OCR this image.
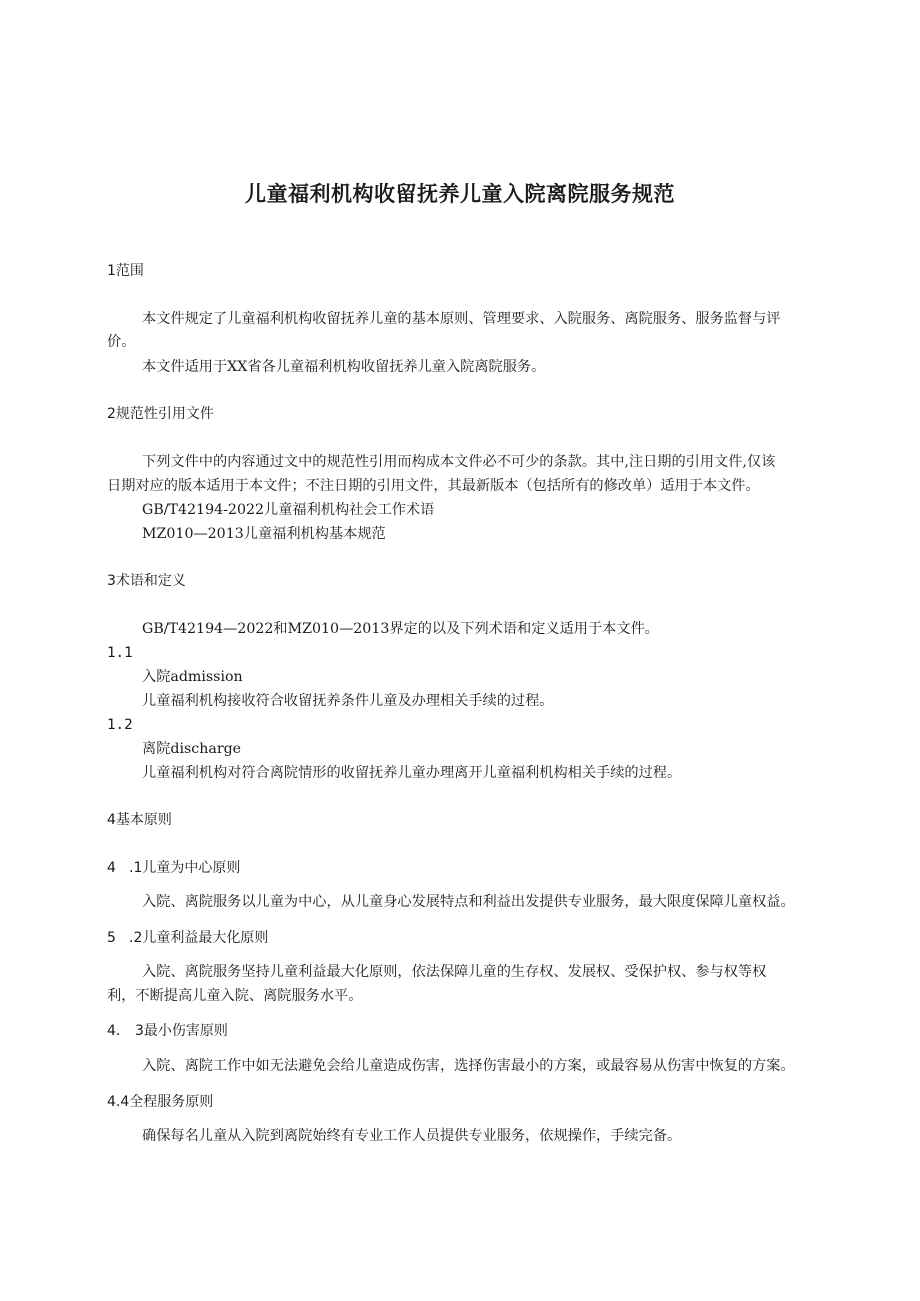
儿童福利机构收留抚养儿童入院离院服务规范
1范围
本文件规定了儿童福利机构收留抚养儿童的基本原则、管理要求、入院服务、离院服务、服务监督与评
价。
本文件适用于XX省各儿童福利机构收留抚养儿童入院离院服务。
2规范性引用文件
下列文件中的内容通过文中的规范性引用而构成本文件必不可少的条款。其中,注日期的引用文件,仅该
日期对应的版本适用于本文件；不注日期的引用文件，其最新版本（包括所有的修改单）适用于本文件。
GB/T42194-2022儿童福利机构社会工作术语
MZ010—2013儿童福利机构基本规范
3术语和定义
GB/T42194—2022和MZ010—2013界定的以及下列术语和定义适用于本文件。
1.1
入院admission
儿童福利机构接收符合收留抚养条件儿童及办理相关手续的过程。
1.2
离院discharge
儿童福利机构对符合离院情形的收留抚养儿童办理离开儿童福利机构相关手续的过程。
4基本原则
4 .1儿童为中心原则
入院、离院服务以儿童为中心，从儿童身心发展特点和利益出发提供专业服务，最大限度保障儿童权益。
5 .2儿童利益最大化原则
入院、离院服务坚持儿童利益最大化原则，依法保障儿童的生存权、发展权、受保护权、参与权等权
利，不断提高儿童入院、离院服务水平。
4. 3最小伤害原则
入院、离院工作中如无法避免会给儿童造成伤害，选择伤害最小的方案，或最容易从伤害中恢复的方案。
4.4全程服务原则
确保每名儿童从入院到离院始终有专业工作人员提供专业服务，依规操作，手续完备。
